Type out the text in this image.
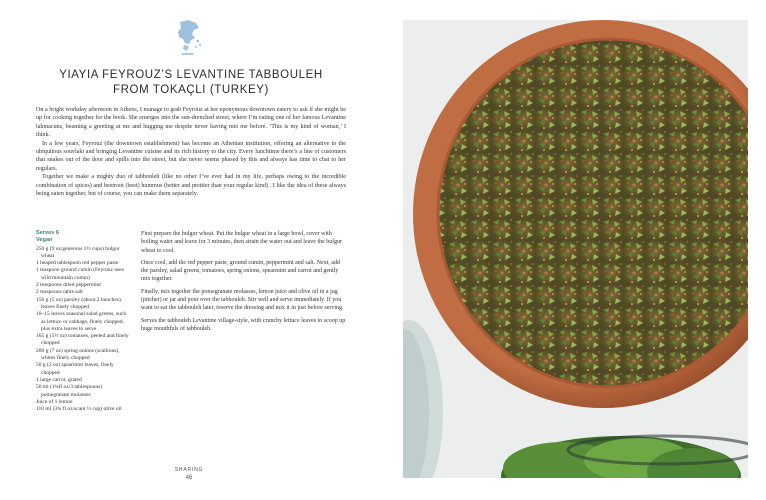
YIAYIA FEYROUZ’S LEVANTINE TABBOULEH
FROM TOKAÇLI (TURKEY)

On a bright workday afternoon in Athens, I manage to grab Feyrouz at her eponymous downtown eatery to ask if she might be up for cooking together for the book. She emerges into the sun-drenched street, where I’m eating one of her famous Levantine lahmacuns, beaming a greeting at me and hugging me despite never having met me before. ‘This is my kind of woman,’ I think.

In a few years, Feyrouz (the downtown establishment) has become an Athenian institution, offering an alternative to the ubiquitous souvlaki and bringing Levantine cuisine and its rich history to the city. Every lunchtime there’s a line of customers that snakes out of the door and spills into the street, but she never seems phased by this and always has time to chat to her regulars.

Together we make a mighty duo of tabbouleh (like no other I’ve ever had in my life, perhaps owing to the incredible combination of spices) and beetroot (beet) hummus (better and prettier than your regular kind) . I like the idea of these always being eaten together, but of course, you can make them separately.

Serves 6
Vegan
250 g (9 oz/generous 1½ cups) bulgur wheat
1 heaped tablespoon red pepper paste
1 teaspoon ground cumin (Feyrouz uses wild mountain cumin)
2 teaspoons dried peppermint
2 teaspoons table salt
150 g (5 oz) parsley (about 2 bunches), leaves finely chopped
10–15 leaves seasonal salad greens, such as lettuce or cabbage, finely chopped, plus extra leaves to serve
165 g (5½ oz) tomatoes, peeled and finely chopped
200 g (7 oz) spring onions (scallions), whites finely chopped
50 g (2 oz) spearmint leaves, finely chopped
1 large carrot, grated
50 ml (1¾fl oz/3 tablespoons) pomegranate molasses
Juice of 1 lemon
110 ml (3¾ fl oz/scant ½ cup) olive oil

First prepare the bulgur wheat. Put the bulgur wheat in a large bowl, cover with boiling water and leave for 3 minutes, then strain the water out and leave the bulgur wheat to cool.

Once cool, add the red pepper paste, ground cumin, peppermint and salt. Next, add the parsley, salad greens, tomatoes, spring onions, spearmint and carrot and gently mix together.

Finally, mix together the pomegranate molasses, lemon juice and olive oil in a jug (pitcher) or jar and pour over the tabbouleh. Stir well and serve immediately. If you want to eat the tabbouleh later, reserve the dressing and mix it in just before serving.

Serves the tabbouleh Levantine village-style, with crunchy lettuce leaves to scoop up huge mouthfuls of tabbouleh.

SHARING
46
